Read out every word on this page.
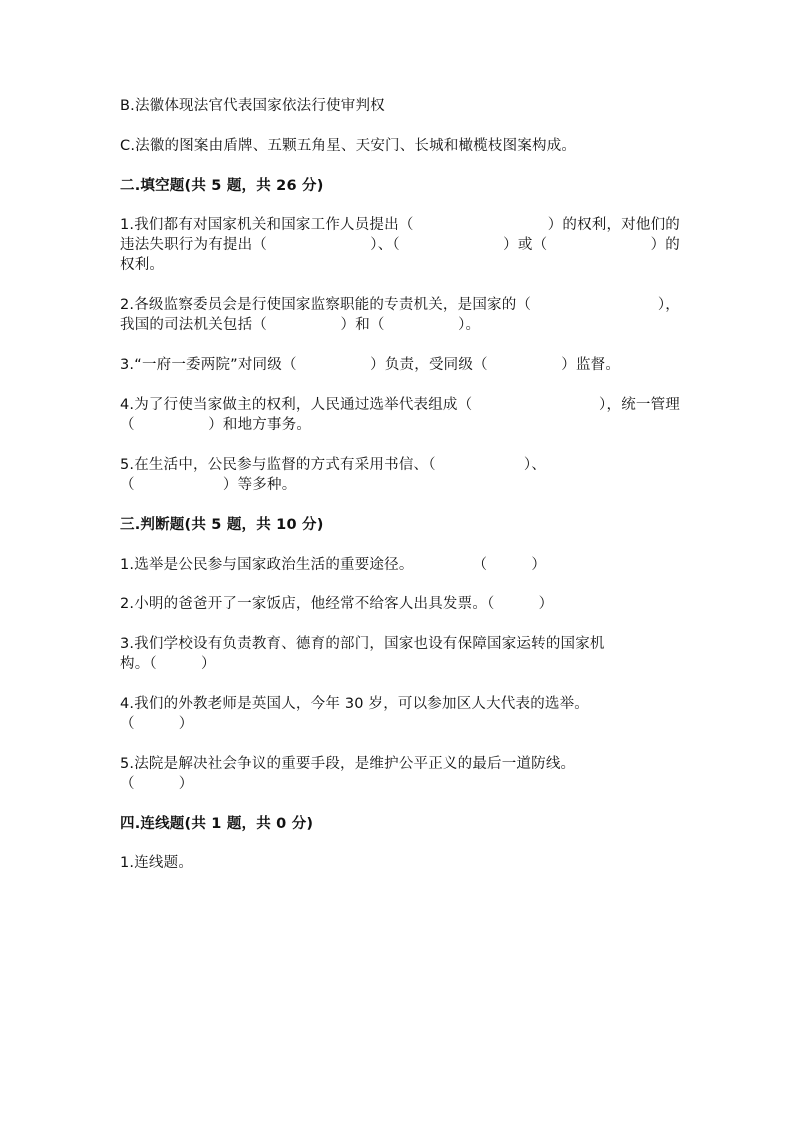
B.法徽体现法官代表国家依法行使审判权
C.法徽的图案由盾牌、五颗五角星、天安门、长城和橄榄枝图案构成。
二.填空题(共 5 题，共 26 分)
1.我们都有对国家机关和国家工作人员提出（	）的权利，对他们的
违法失职行为有提出（	）、（	）或（	）的
权利。
2.各级监察委员会是行使国家监察职能的专责机关，是国家的（	），
我国的司法机关包括（　　　　　）和（　　　　　）。
3.“一府一委两院”对同级（　　　　　）负责，受同级（　　　　　）监督。
4.为了行使当家做主的权利，人民通过选举代表组成（	），统一管理
（　　　　　）和地方事务。
5.在生活中，公民参与监督的方式有采用书信、（　　　　　　）、
（　　　　　　）等多种。
三.判断题(共 5 题，共 10 分)
1.选举是公民参与国家政治生活的重要途径。　　　　　（　　　）
2.小明的爸爸开了一家饭店，他经常不给客人出具发票。（　　　）
3.我们学校设有负责教育、德育的部门，国家也设有保障国家运转的国家机
构。（　　　）
4.我们的外教老师是英国人，今年 30 岁，可以参加区人大代表的选举。
（　　　）
5.法院是解决社会争议的重要手段，是维护公平正义的最后一道防线。
（　　　）
四.连线题(共 1 题，共 0 分)
1.连线题。
